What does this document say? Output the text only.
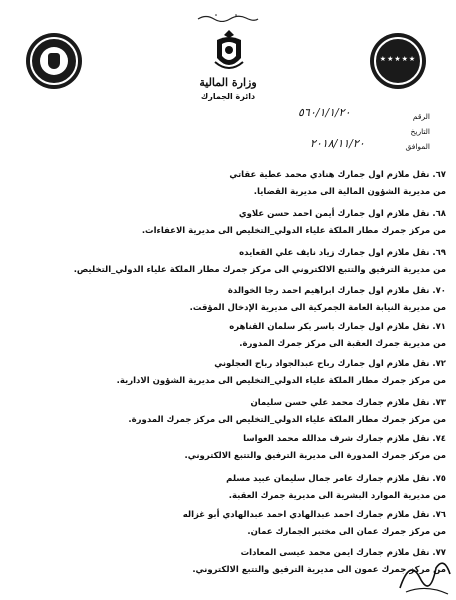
وزارة المالية
دائرة الجمارك
★★★★★
الرقم
٥٦٠/١/١/٢٠
التاريخ
الموافق
٢٠١٨/١١/٢٠
٦٧. نقل ملازم اول جمارك هنادي محمد عطية عقاتي
من مديرية الشؤون المالية الى مديرية القضايا.
٦٨. نقل ملازم اول جمارك أيمن احمد حسن علاوي
من مركز جمرك مطار الملكة علياء الدولي_التخليص الى مديرية الاعفاءات.
٦٩. نقل ملازم اول جمارك زياد نايف علي القعايده
من مديرية الترفيق والتتبع الالكتروني الى مركز جمرك مطار الملكة علياء الدولي_التخليص.
٧٠. نقل ملازم اول جمارك ابراهيم احمد رجا الخوالدة
من مديرية النيابة العامة الجمركية الى مديرية الإدخال المؤقت.
٧١. نقل ملازم اول جمارك باسر بكر سلمان القناهره
من مديرية جمرك العقبة الى مركز جمرك المدورة.
٧٢. نقل ملازم اول جمارك رباح عبدالجواد رباح العجلوني
من مركز جمرك مطار الملكة علياء الدولي_التخليص الى مديرية الشؤون الادارية.
٧٣. نقل ملازم جمارك محمد علي حسن سليمان
من مركز جمرك مطار الملكة علياء الدولي_التخليص الى مركز جمرك المدورة.
٧٤. نقل ملازم جمارك شرف مدالله محمد العواسا
من مركز جمرك المدورة الى مديرية الترفيق والتتبع الالكتروني.
٧٥. نقل ملازم جمارك عامر جمال سليمان عبيد مسلم
من مديرية الموارد البشرية الى مديرية جمرك العقبة.
٧٦. نقل ملازم جمارك احمد عبدالهادي احمد عبدالهادي أبو غزاله
من مركز جمرك عمان الى مختبر الجمارك عمان.
٧٧. نقل ملازم جمارك ايمن محمد عيسى المعادات
من مركز جمرك عمون الى مديرية الترفيق والتتبع الالكتروني.
